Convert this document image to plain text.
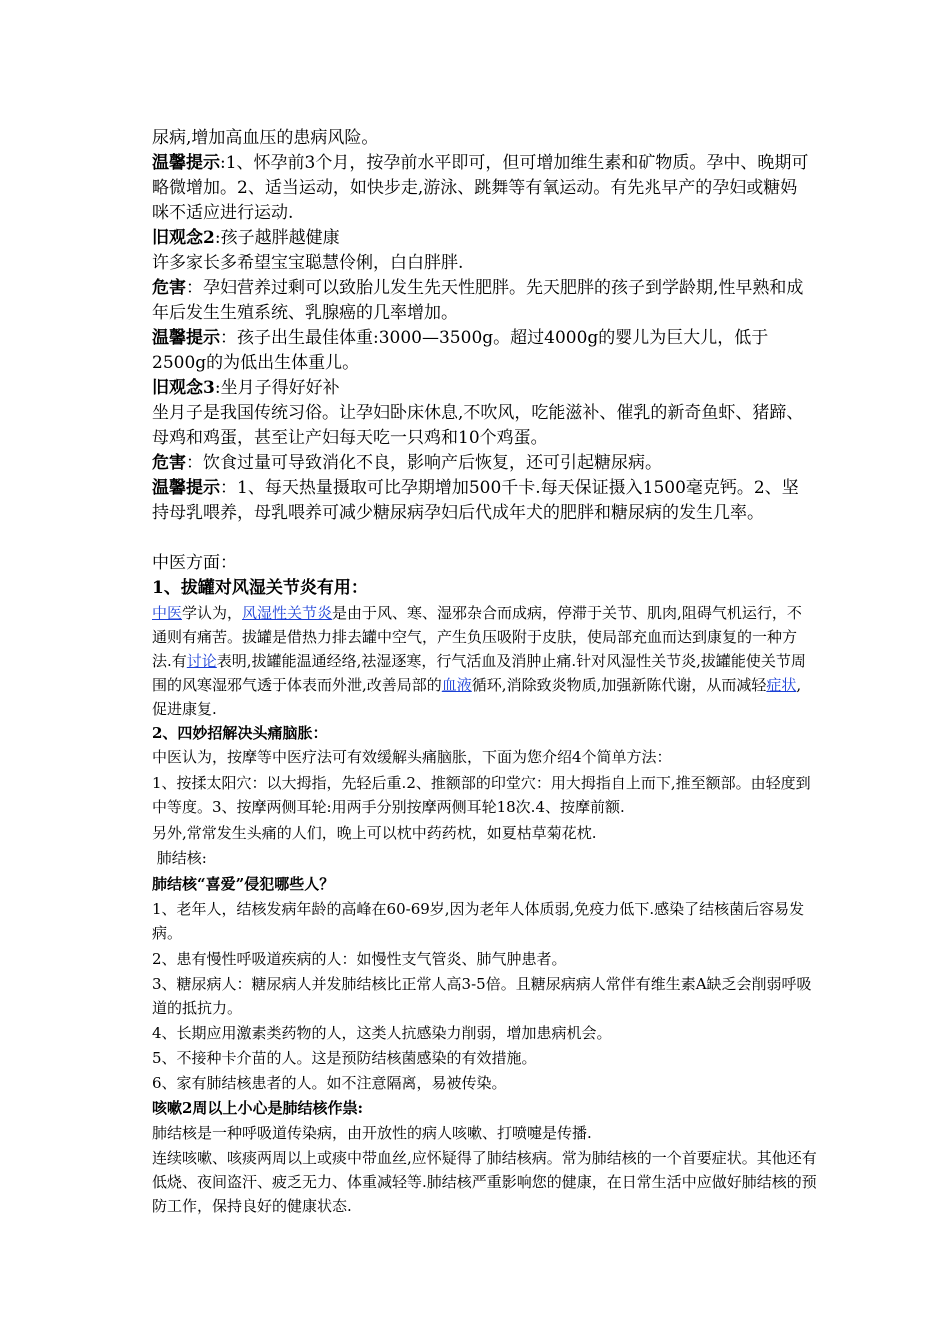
尿病,增加高血压的患病风险。

温馨提示:1、怀孕前3个月，按孕前水平即可，但可增加维生素和矿物质。孕中、晚期可略微增加。2、适当运动，如快步走,游泳、跳舞等有氧运动。有先兆早产的孕妇或糖妈咪不适应进行运动.

旧观念2:孩子越胖越健康

许多家长多希望宝宝聪慧伶俐，白白胖胖.

危害：孕妇营养过剩可以致胎儿发生先天性肥胖。先天肥胖的孩子到学龄期,性早熟和成年后发生生殖系统、乳腺癌的几率增加。

温馨提示：孩子出生最佳体重:3000—3500g。超过4000g的婴儿为巨大儿，低于2500g的为低出生体重儿。

旧观念3:坐月子得好好补

坐月子是我国传统习俗。让孕妇卧床休息,不吹风，吃能滋补、催乳的新奇鱼虾、猪蹄、母鸡和鸡蛋，甚至让产妇每天吃一只鸡和10个鸡蛋。

危害：饮食过量可导致消化不良，影响产后恢复，还可引起糖尿病。

温馨提示：1、每天热量摄取可比孕期增加500千卡.每天保证摄入1500毫克钙。2、坚持母乳喂养，母乳喂养可减少糖尿病孕妇后代成年犬的肥胖和糖尿病的发生几率。

中医方面：

1、拔罐对风湿关节炎有用：

中医学认为，风湿性关节炎是由于风、寒、湿邪杂合而成病，停滞于关节、肌肉,阻碍气机运行，不通则有痛苦。拔罐是借热力排去罐中空气，产生负压吸附于皮肤，使局部充血而达到康复的一种方法.有讨论表明,拔罐能温通经络,祛湿逐寒，行气活血及消肿止痛.针对风湿性关节炎,拔罐能使关节周围的风寒湿邪气透于体表而外泄,改善局部的血液循环,消除致炎物质,加强新陈代谢，从而减轻症状,促进康复.

2、四妙招解决头痛脑胀：

中医认为，按摩等中医疗法可有效缓解头痛脑胀，下面为您介绍4个简单方法：

1、按揉太阳穴：以大拇指，先轻后重.2、推额部的印堂穴：用大拇指自上而下,推至额部。由轻度到中等度。3、按摩两侧耳轮:用两手分别按摩两侧耳轮18次.4、按摩前额.

另外,常常发生头痛的人们，晚上可以枕中药药枕，如夏枯草菊花枕.

肺结核:

肺结核“喜爱”侵犯哪些人？

1、老年人，结核发病年龄的高峰在60-69岁,因为老年人体质弱,免疫力低下.感染了结核菌后容易发病。

2、患有慢性呼吸道疾病的人：如慢性支气管炎、肺气肿患者。

3、糖尿病人：糖尿病人并发肺结核比正常人高3-5倍。且糖尿病病人常伴有维生素A缺乏会削弱呼吸道的抵抗力。

4、长期应用激素类药物的人，这类人抗感染力削弱，增加患病机会。

5、不接种卡介苗的人。这是预防结核菌感染的有效措施。

6、家有肺结核患者的人。如不注意隔离，易被传染。

咳嗽2周以上小心是肺结核作祟:

肺结核是一种呼吸道传染病，由开放性的病人咳嗽、打喷嚏是传播.

连续咳嗽、咳痰两周以上或痰中带血丝,应怀疑得了肺结核病。常为肺结核的一个首要症状。其他还有低烧、夜间盗汗、疲乏无力、体重减轻等.肺结核严重影响您的健康，在日常生活中应做好肺结核的预防工作，保持良好的健康状态.
